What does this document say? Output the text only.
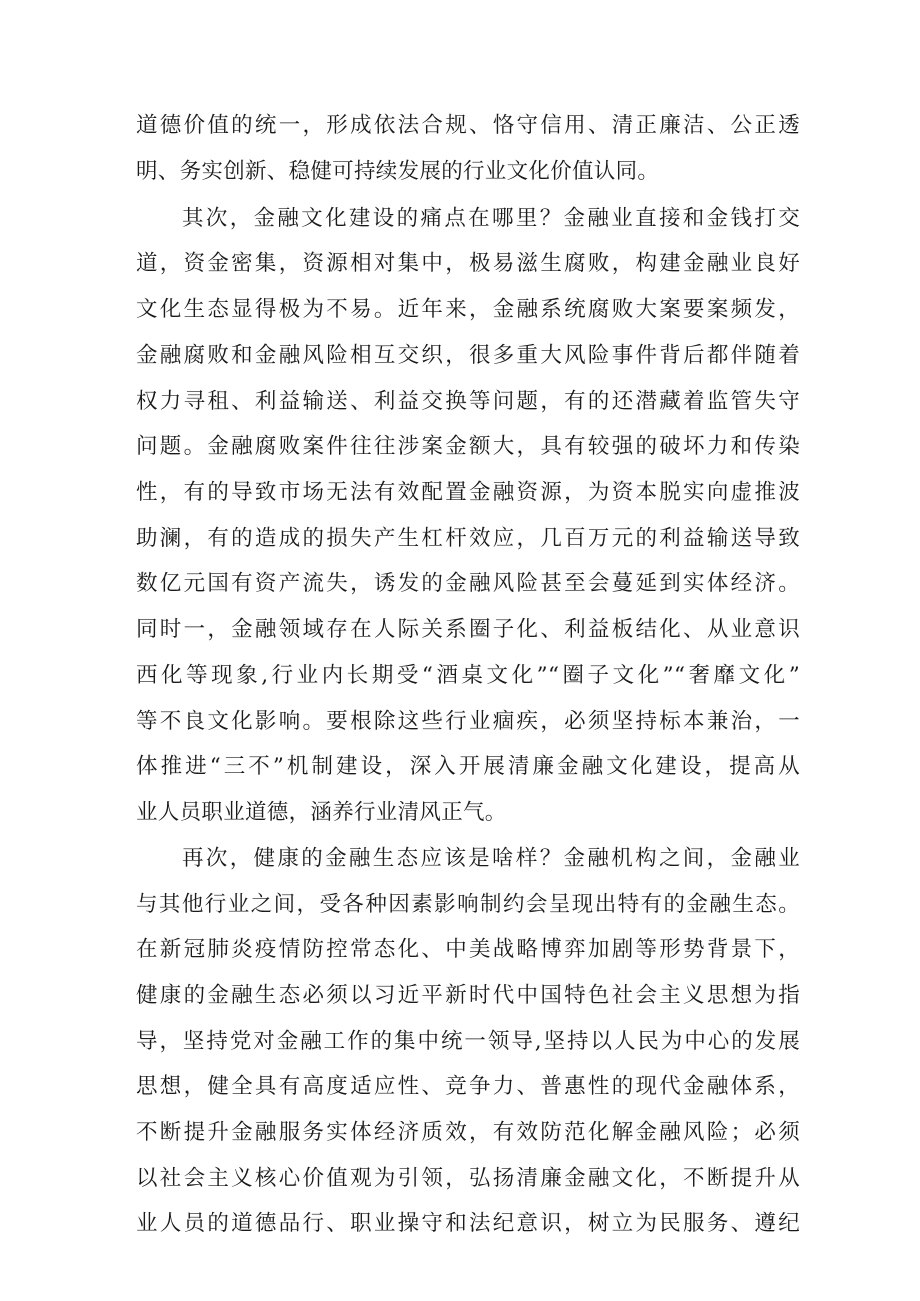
道德价值的统一，形成依法合规、恪守信用、清正廉洁、公正透

明、务实创新、稳健可持续发展的行业文化价值认同。

其次，金融文化建设的痛点在哪里？金融业直接和金钱打交

道，资金密集，资源相对集中，极易滋生腐败，构建金融业良好

文化生态显得极为不易。近年来，金融系统腐败大案要案频发，

金融腐败和金融风险相互交织，很多重大风险事件背后都伴随着

权力寻租、利益输送、利益交换等问题，有的还潜藏着监管失守

问题。金融腐败案件往往涉案金额大，具有较强的破坏力和传染

性，有的导致市场无法有效配置金融资源，为资本脱实向虚推波

助澜，有的造成的损失产生杠杆效应，几百万元的利益输送导致

数亿元国有资产流失，诱发的金融风险甚至会蔓延到实体经济。

同时一，金融领域存在人际关系圈子化、利益板结化、从业意识

西化等现象,行业内长期受“酒桌文化”“圈子文化”“奢靡文化”

等不良文化影响。要根除这些行业痼疾，必须坚持标本兼治，一

体推进“三不”机制建设，深入开展清廉金融文化建设，提高从

业人员职业道德，涵养行业清风正气。

再次，健康的金融生态应该是啥样？金融机构之间，金融业

与其他行业之间，受各种因素影响制约会呈现出特有的金融生态。

在新冠肺炎疫情防控常态化、中美战略博弈加剧等形势背景下，

健康的金融生态必须以习近平新时代中国特色社会主义思想为指

导，坚持党对金融工作的集中统一领导,坚持以人民为中心的发展

思想，健全具有高度适应性、竞争力、普惠性的现代金融体系，

不断提升金融服务实体经济质效，有效防范化解金融风险；必须

以社会主义核心价值观为引领，弘扬清廉金融文化，不断提升从

业人员的道德品行、职业操守和法纪意识，树立为民服务、遵纪
